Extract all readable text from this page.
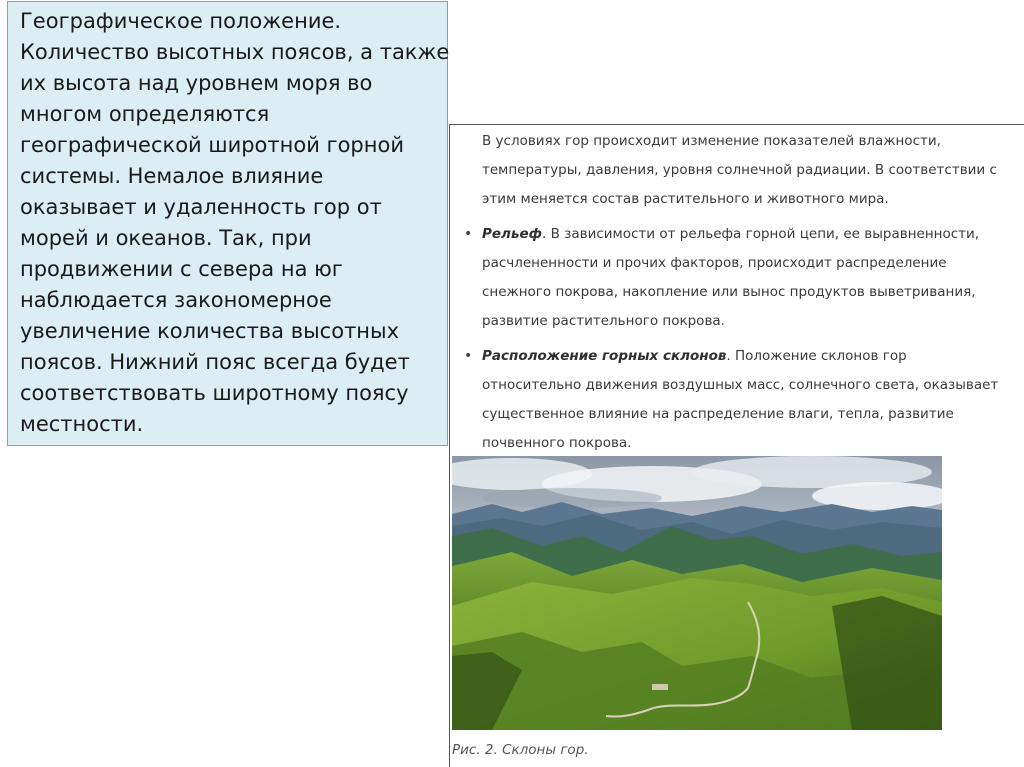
Географическое положение.
Количество высотных поясов, а также
их высота над уровнем моря во
многом определяются
географической широтной горной
системы. Немалое влияние
оказывает и удаленность гор от
морей и океанов. Так, при
продвижении с севера на юг
наблюдается закономерное
увеличение количества высотных
поясов. Нижний пояс всегда будет
соответствовать широтному поясу
местности.
В условиях гор происходит изменение показателей влажности,
температуры, давления, уровня солнечной радиации. В соответствии с
этим меняется состав растительного и животного мира.
• Рельеф. В зависимости от рельефа горной цепи, ее выравненности,
расчлененности и прочих факторов, происходит распределение
снежного покрова, накопление или вынос продуктов выветривания,
развитие растительного покрова.
• Расположение горных склонов. Положение склонов гор
относительно движения воздушных масс, солнечного света, оказывает
существенное влияние на распределение влаги, тепла, развитие
почвенного покрова.
Рис. 2. Склоны гор.
